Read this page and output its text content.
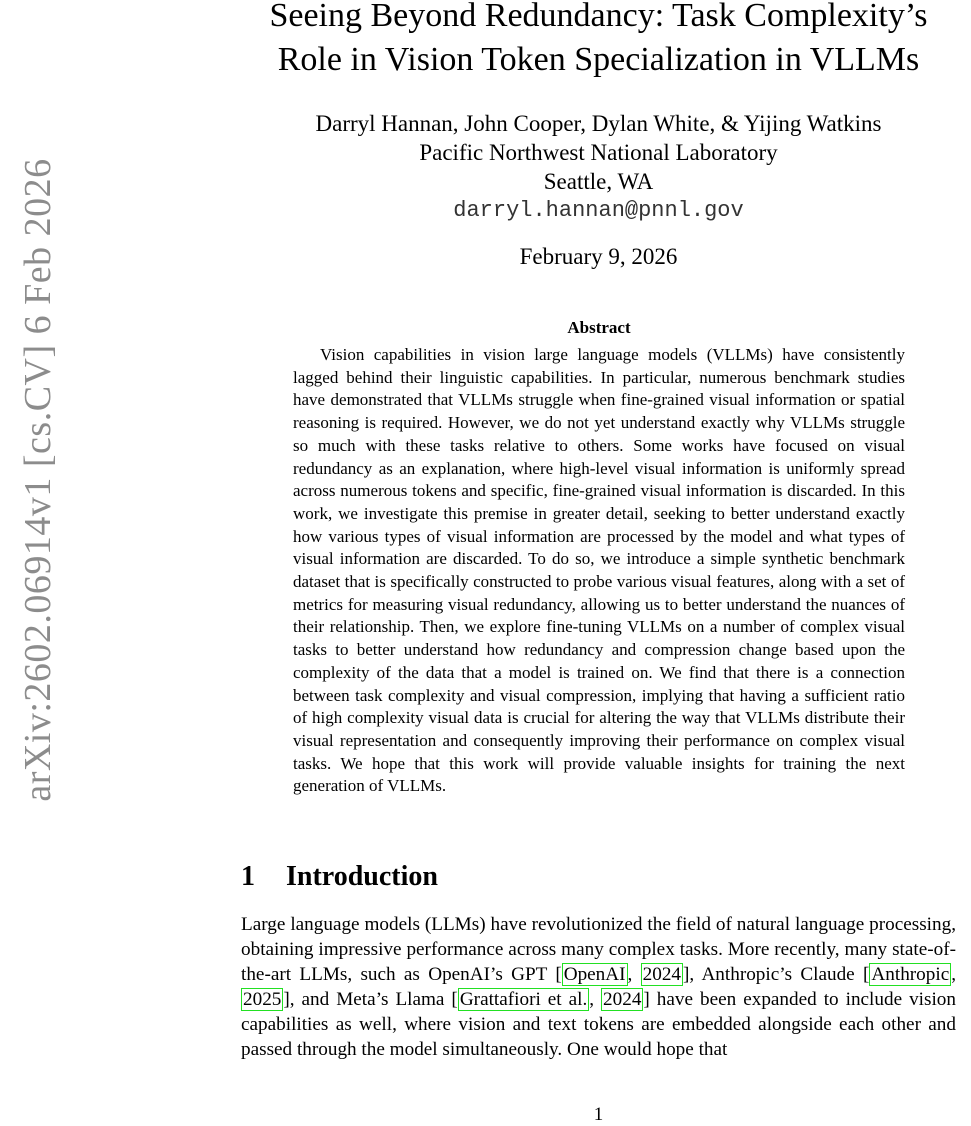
arXiv:2602.06914v1 [cs.CV] 6 Feb 2026
Seeing Beyond Redundancy: Task Complexity’s
Role in Vision Token Specialization in VLLMs
Darryl Hannan, John Cooper, Dylan White, & Yijing Watkins
Pacific Northwest National Laboratory
Seattle, WA
darryl.hannan@pnnl.gov
February 9, 2026
Abstract

Vision capabilities in vision large language models (VLLMs) have consistently lagged behind their linguistic capabilities. In particular, numerous benchmark studies have demonstrated that VLLMs struggle when fine-grained visual information or spatial reasoning is required. However, we do not yet understand exactly why VLLMs struggle so much with these tasks relative to others. Some works have focused on visual redundancy as an explanation, where high-level visual information is uniformly spread across numerous tokens and specific, fine-grained visual information is discarded. In this work, we investigate this premise in greater detail, seeking to better understand exactly how various types of visual information are processed by the model and what types of visual information are discarded. To do so, we introduce a simple synthetic benchmark dataset that is specifically constructed to probe various visual features, along with a set of metrics for measuring visual redundancy, allowing us to better understand the nuances of their relationship. Then, we explore fine-tuning VLLMs on a number of complex visual tasks to better understand how redundancy and compression change based upon the complexity of the data that a model is trained on. We find that there is a connection between task complexity and visual compression, implying that having a sufficient ratio of high complexity visual data is crucial for altering the way that VLLMs distribute their visual representation and consequently improving their performance on complex visual tasks. We hope that this work will provide valuable insights for training the next generation of VLLMs.

1 Introduction

Large language models (LLMs) have revolutionized the field of natural language processing, obtaining impressive performance across many complex tasks. More recently, many state-of-the-art LLMs, such as OpenAI’s GPT [ OpenAI , 2024 ], Anthropic’s Claude [ Anthropic , 2025 ], and Meta’s Llama [ Grattafiori et al. , 2024 ] have been expanded to include vision capabilities as well, where vision and text tokens are embedded alongside each other and passed through the model simultaneously. One would hope that

1
